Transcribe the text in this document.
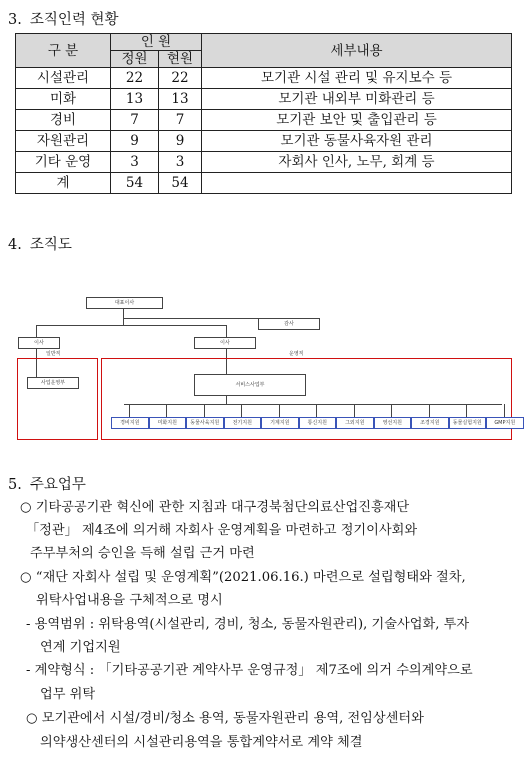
3. 조직인력 현황
구 분	인 원		세부내용
	정원	현원	
시설관리	22	22	모기관 시설 관리 및 유지보수 등
미화	13	13	모기관 내외부 미화관리 등
경비	7	7	모기관 보안 및 출입관리 등
자원관리	9	9	모기관 동물사육자원 관리
기타 운영	3	3	자회사 인사, 노무, 회계 등
계	54	54	
4. 조직도
대표이사
감사
이사	이사
일반직	운영직
사업운영부	서비스사업부
경비지원	미화지원	동물사육지원	전기지원	기계지원	통신지원	그외지원	영선지원	조경지원	동물실험지원	GMP지원
5. 주요업무
○ 기타공공기관 혁신에 관한 지침과 대구경북첨단의료산업진흥재단
「정관」 제4조에 의거해 자회사 운영계획을 마련하고 정기이사회와
주무부처의 승인을 득해 설립 근거 마련
○ “재단 자회사 설립 및 운영계획”(2021.06.16.) 마련으로 설립형태와 절차,
위탁사업내용을 구체적으로 명시
- 용역범위 : 위탁용역(시설관리, 경비, 청소, 동물자원관리), 기술사업화, 투자
연계 기업지원
- 계약형식 : 「기타공공기관 계약사무 운영규정」 제7조에 의거 수의계약으로
업무 위탁
○ 모기관에서 시설/경비/청소 용역, 동물자원관리 용역, 전임상센터와
의약생산센터의 시설관리용역을 통합계약서로 계약 체결
